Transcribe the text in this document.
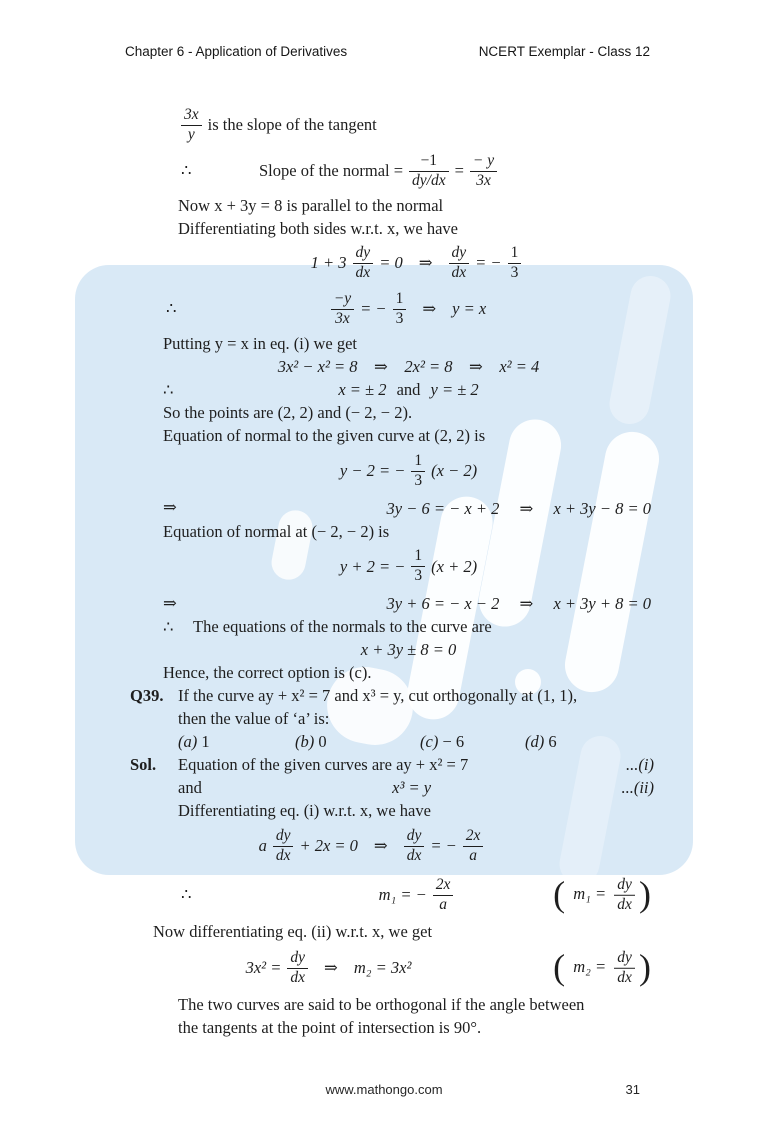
Chapter 6 - Application of Derivatives	NCERT Exemplar - Class 12
$\frac{3x}{y}$ is the slope of the tangent
∴	Slope of the normal = $\frac{-1}{dy/dx} = \frac{- y}{3x}$
Now x + 3y = 8 is parallel to the normal
Differentiating both sides w.r.t. x, we have
$1 + 3 \frac{dy}{dx} = 0$ ⇒ $\frac{dy}{dx}$ = − $\frac{1}{3}$
∴	$\frac{-y}{3x}$ = − $\frac{1}{3}$ ⇒ y = x
Putting y = x in eq. (i) we get
3x² − x² = 8 ⇒ 2x² = 8 ⇒ x² = 4
∴	x = ± 2 and y = ± 2
So the points are (2, 2) and (− 2, − 2).
Equation of normal to the given curve at (2, 2) is
y − 2 = − $\frac{1}{3} (x - 2)$
⇒	3y − 6 = − x + 2 ⇒ x + 3y − 8 = 0
Equation of normal at (− 2, − 2) is
y + 2 = − $\frac{1}{3} (x + 2)$
⇒	3y + 6 = − x − 2 ⇒ x + 3y + 8 = 0
∴ The equations of the normals to the curve are
x + 3y ± 8 = 0
Hence, the correct option is (c).
Q39. If the curve ay + x² = 7 and x³ = y, cut orthogonally at (1, 1),
then the value of ‘a’ is:
(a) 1	(b) 0	(c) − 6	(d) 6
Sol.	Equation of the given curves are ay + x² = 7	...(i)
and	x³ = y	...(ii)
Differentiating eq. (i) w.r.t. x, we have
a $\frac{dy}{dx} + 2x = 0$ ⇒ $\frac{dy}{dx}$ = − $\frac{2x}{a}$
∴	m₁ = − $\frac{2x}{a}$	( $m_1 = \frac{dy}{dx}$ )
Now differentiating eq. (ii) w.r.t. x, we get
$3x^2 = \frac{dy}{dx}$ ⇒ m₂ = 3x²	( $m_2 = \frac{dy}{dx}$ )
The two curves are said to be orthogonal if the angle between
the tangents at the point of intersection is 90°.
www.mathongo.com	31
